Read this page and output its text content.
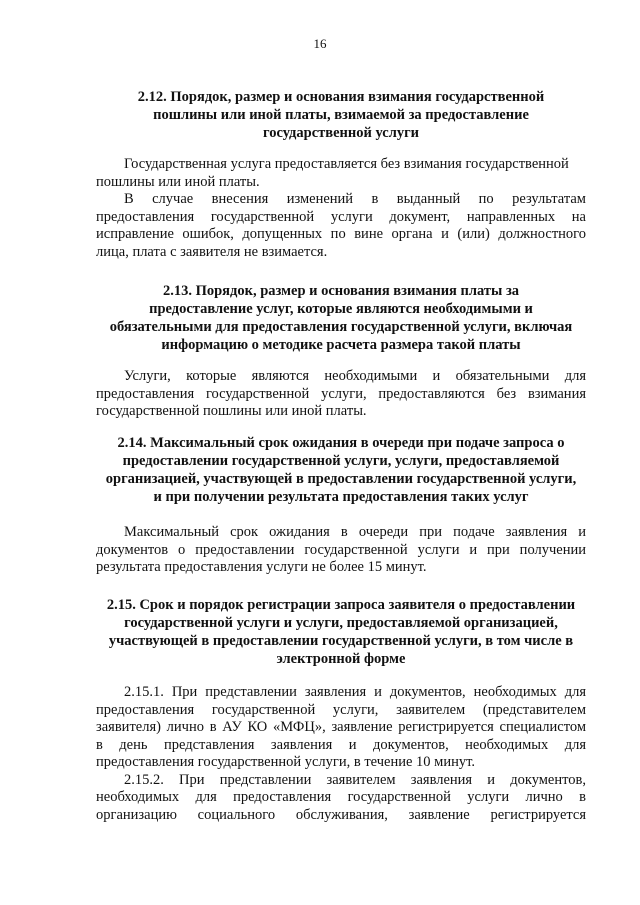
16
2.12. Порядок, размер и основания взимания государственной
пошлины или иной платы, взимаемой за предоставление
государственной услуги
Государственная услуга предоставляется без взимания государственной
пошлины или иной платы.
В случае внесения изменений в выданный по результатам
предоставления государственной услуги документ, направленных на
исправление ошибок, допущенных по вине органа и (или) должностного
лица, плата с заявителя не взимается.
2.13. Порядок, размер и основания взимания платы за
предоставление услуг, которые являются необходимыми и
обязательными для предоставления государственной услуги, включая
информацию о методике расчета размера такой платы
Услуги, которые являются необходимыми и обязательными для
предоставления государственной услуги, предоставляются без взимания
государственной пошлины или иной платы.
2.14. Максимальный срок ожидания в очереди при подаче запроса о
предоставлении государственной услуги, услуги, предоставляемой
организацией, участвующей в предоставлении государственной услуги,
и при получении результата предоставления таких услуг
Максимальный срок ожидания в очереди при подаче заявления и
документов о предоставлении государственной услуги и при получении
результата предоставления услуги не более 15 минут.
2.15. Срок и порядок регистрации запроса заявителя о предоставлении
государственной услуги и услуги, предоставляемой организацией,
участвующей в предоставлении государственной услуги, в том числе в
электронной форме
2.15.1. При представлении заявления и документов, необходимых для
предоставления государственной услуги, заявителем (представителем
заявителя) лично в АУ КО «МФЦ», заявление регистрируется специалистом
в день представления заявления и документов, необходимых для
предоставления государственной услуги, в течение 10 минут.
2.15.2. При представлении заявителем заявления и документов,
необходимых для предоставления государственной услуги лично в
организацию социального обслуживания, заявление регистрируется
